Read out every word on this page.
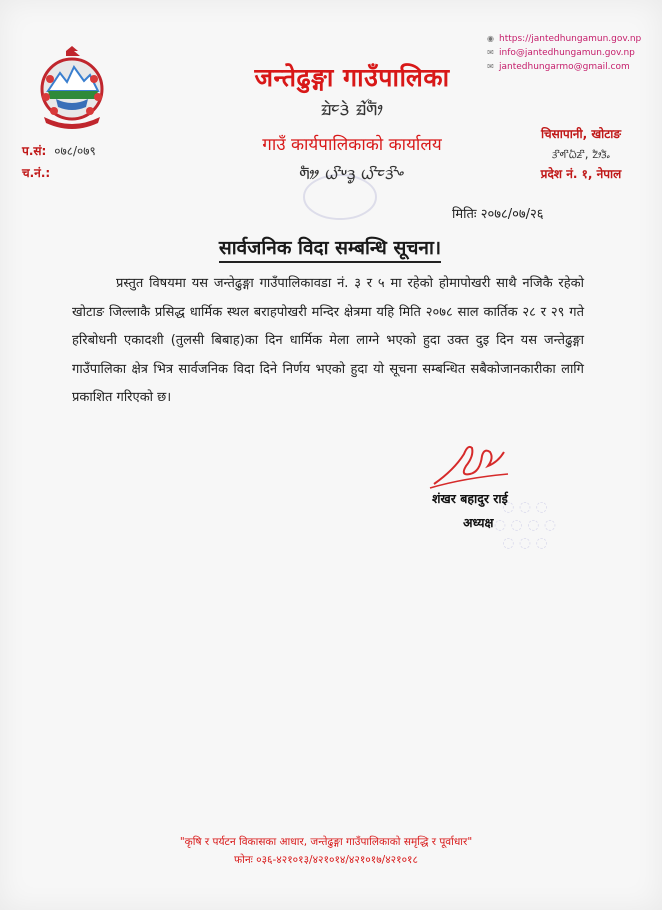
जन्तेढुङ्गा गाउँपालिका
ᤀᤧᤰᤋᤧ ᤀᤨᤛᤥ
गाउँ कार्यपालिकाको कार्यालय
ᤛᤦ ᤐᤡᤸᤋᤢ ᤐᤡᤰᤋᤡᤴ
◉ https://jantedhungamun.gov.np
✉ info@jantedhungamun.gov.np
✉ jantedhungarmo@gmail.com
प.सं: ०७८/०७९
च.नं.:
चिसापानी, खोटाङ
ᤋᤡᤛᤡᤐᤠᤏᤡ, ᤁᤥᤋᤠᤱ
प्रदेश नं. १, नेपाल
मितिः २०७८/०७/२६
सार्वजनिक विदा सम्बन्धि सूचना।
प्रस्तुत विषयमा यस जन्तेढुङ्गा गाउँपालिकावडा नं. ३ र ५ मा रहेको होमापोखरी साथै नजिकै रहेको खोटाङ जिल्लाकै प्रसिद्ध धार्मिक स्थल बराहपोखरी मन्दिर क्षेत्रमा यहि मिति २०७८ साल कार्तिक २८ र २९ गते हरिबोधनी एकादशी (तुलसी बिबाह)का दिन धार्मिक मेला लाग्ने भएको हुदा उक्त दुइ दिन यस जन्तेढुङ्गा गाउँपालिका क्षेत्र भित्र सार्वजनिक विदा दिने निर्णय भएको हुदा यो सूचना सम्बन्धित सबैकोजानकारीका लागि प्रकाशित गरिएको छ।
◌ ◌ ◌
◌ ◌ ◌ ◌
◌ ◌ ◌
शंखर बहादुर राई
अध्यक्ष
"कृषि र पर्यटन विकासका आधार, जन्तेढुङ्गा गाउँपालिकाको समृद्धि र पूर्वाधार"
फोनः ०३६-४२१०१३/४२१०१४/४२१०१७/४२१०१८
